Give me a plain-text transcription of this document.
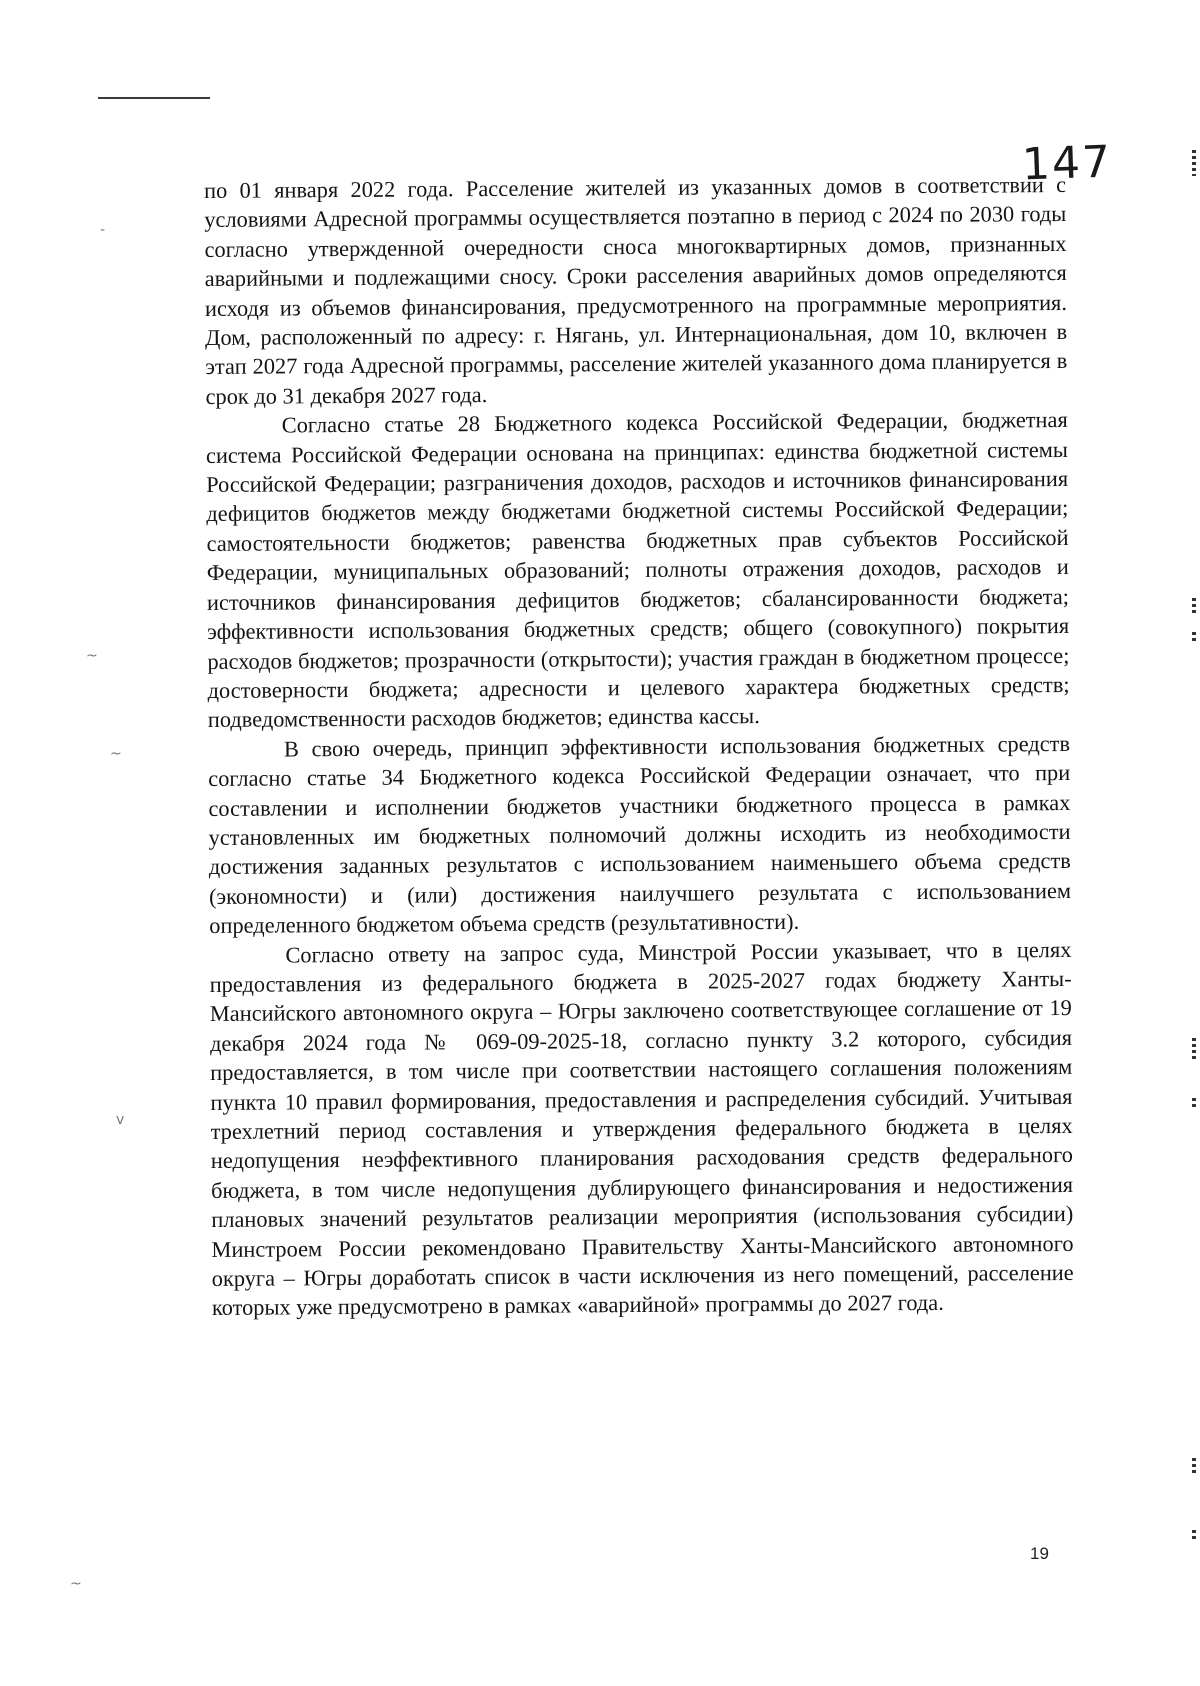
147

по 01 января 2022 года. Расселение жителей из указанных домов в соответствии с условиями Адресной программы осуществляется поэтапно в период с 2024 по 2030 годы согласно утвержденной очередности сноса многоквартирных домов, признанных аварийными и подлежащими сносу. Сроки расселения аварийных домов определяются исходя из объемов финансирования, предусмотренного на программные мероприятия. Дом, расположенный по адресу: г. Нягань, ул. Интернациональная, дом 10, включен в этап 2027 года Адресной программы, расселение жителей указанного дома планируется в срок до 31 декабря 2027 года.

Согласно статье 28 Бюджетного кодекса Российской Федерации, бюджетная система Российской Федерации основана на принципах: единства бюджетной системы Российской Федерации; разграничения доходов, расходов и источников финансирования дефицитов бюджетов между бюджетами бюджетной системы Российской Федерации; самостоятельности бюджетов; равенства бюджетных прав субъектов Российской Федерации, муниципальных образований; полноты отражения доходов, расходов и источников финансирования дефицитов бюджетов; сбалансированности бюджета; эффективности использования бюджетных средств; общего (совокупного) покрытия расходов бюджетов; прозрачности (открытости); участия граждан в бюджетном процессе; достоверности бюджета; адресности и целевого характера бюджетных средств; подведомственности расходов бюджетов; единства кассы.

В свою очередь, принцип эффективности использования бюджетных средств согласно статье 34 Бюджетного кодекса Российской Федерации означает, что при составлении и исполнении бюджетов участники бюджетного процесса в рамках установленных им бюджетных полномочий должны исходить из необходимости достижения заданных результатов с использованием наименьшего объема средств (экономности) и (или) достижения наилучшего результата с использованием определенного бюджетом объема средств (результативности).

Согласно ответу на запрос суда, Минстрой России указывает, что в целях предоставления из федерального бюджета в 2025-2027 годах бюджету Ханты-Мансийского автономного округа – Югры заключено соответствующее соглашение от 19 декабря 2024 года № 069-09-2025-18, согласно пункту 3.2 которого, субсидия предоставляется, в том числе при соответствии настоящего соглашения положениям пункта 10 правил формирования, предоставления и распределения субсидий. Учитывая трехлетний период составления и утверждения федерального бюджета в целях недопущения неэффективного планирования расходования средств федерального бюджета, в том числе недопущения дублирующего финансирования и недостижения плановых значений результатов реализации мероприятия (использования субсидии) Минстроем России рекомендовано Правительству Ханты-Мансийского автономного округа – Югры доработать список в части исключения из него помещений, расселение которых уже предусмотрено в рамках «аварийной» программы до 2027 года.

19
-
~
~
v
~
